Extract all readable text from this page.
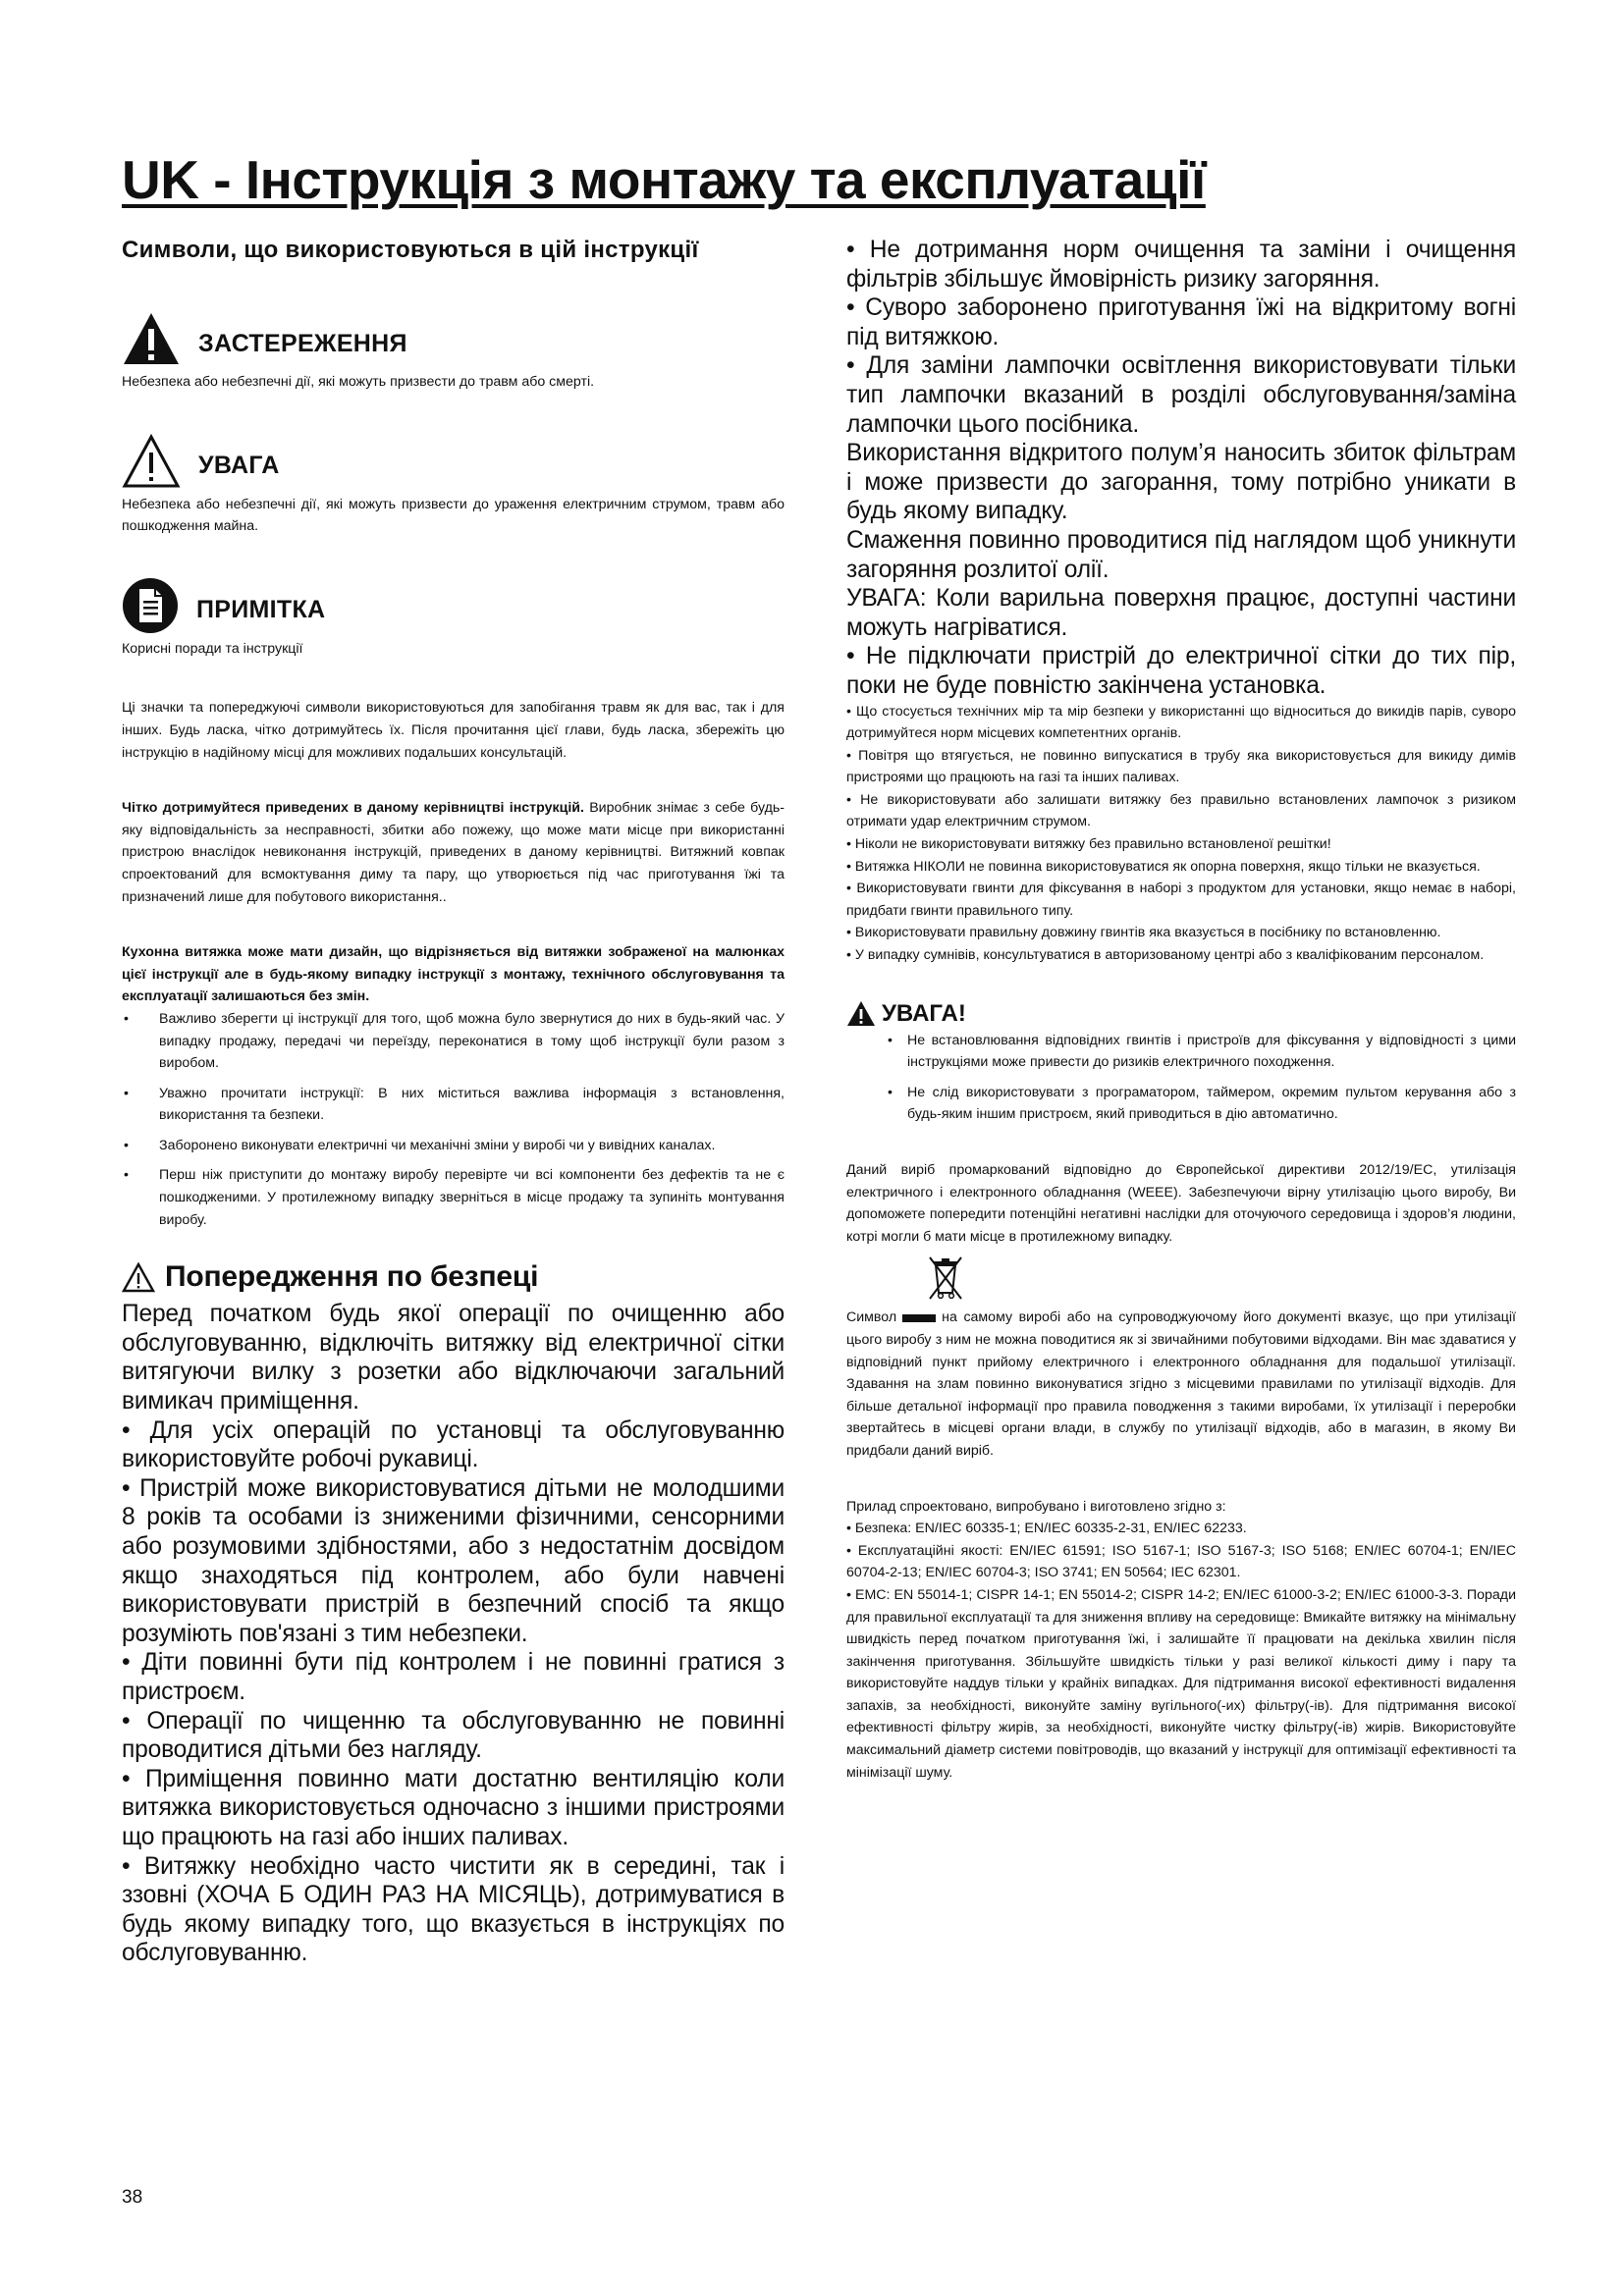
UK - Інструкція з монтажу та експлуатації
Символи, що використовуються в цій інструкції
ЗАСТЕРЕЖЕННЯ

Небезпека або небезпечні дії, які можуть призвести до травм або смерті.

УВАГА

Небезпека або небезпечні дії, які можуть призвести до ураження електричним струмом, травм або пошкодження майна.

ПРИМІТКА

Корисні поради та інструкції

Ці значки та попереджуючі символи використовуються для запобігання травм як для вас, так і для інших. Будь ласка, чітко дотримуйтесь їх. Після прочитання цієї глави, будь ласка, збережіть цю інструкцію в надійному місці для можливих подальших консультацій.

Чітко дотримуйтеся приведених в даному керівництві інструкцій. Виробник знімає з себе будь-яку відповідальність за несправності, збитки або пожежу, що може мати місце при використанні пристрою внаслідок невиконання інструкцій, приведених в даному керівництві. Витяжний ковпак спроектований для всмоктування диму та пару, що утворюється під час приготування їжі та призначений лише для побутового використання..

Кухонна витяжка може мати дизайн, що відрізняється від витяжки зображеної на малюнках цієї інструкції але в будь-якому випадку інструкції з монтажу, технічного обслуговування та експлуатації залишаються без змін.

• Важливо зберегти ці інструкції для того, щоб можна було звернутися до них в будь-який час. У випадку продажу, передачі чи переїзду, переконатися в тому щоб інструкції були разом з виробом.
• Уважно прочитати інструкції: В них міститься важлива інформація з встановлення, використання та безпеки.
• Заборонено виконувати електричні чи механічні зміни у виробі чи у вивідних каналах.
• Перш ніж приступити до монтажу виробу перевірте чи всі компоненти без дефектів та не є пошкодженими. У протилежному випадку зверніться в місце продажу та зупиніть монтування виробу.
Попередження по безпеці

Перед початком будь якої операції по очищенню або обслуговуванню, відключіть витяжку від електричної сітки витягуючи вилку з розетки або відключаючи загальний вимикач приміщення.

• Для усіх операцій по установці та обслуговуванню використовуйте робочі рукавиці.

• Пристрій може використовуватися дітьми не молодшими 8 років та особами із зниженими фізичними, сенсорними або розумовими здібностями, або з недостатнім досвідом якщо знаходяться під контролем, або були навчені використовувати пристрій в безпечний спосіб та якщо розуміють пов'язані з тим небезпеки.

• Діти повинні бути під контролем і не повинні гратися з пристроєм.

• Операції по чищенню та обслуговуванню не повинні проводитися дітьми без нагляду.

• Приміщення повинно мати достатню вентиляцію коли витяжка використовується одночасно з іншими пристроями що працюють на газі або інших паливах.

• Витяжку необхідно часто чистити як в середині, так і ззовні (ХОЧА Б ОДИН РАЗ НА МІСЯЦЬ), дотримуватися в будь якому випадку того, що вказується в інструкціях по обслуговуванню.

• Не дотримання норм очищення та заміни і очищення фільтрів збільшує ймовірність ризику загоряння.

• Суворо заборонено приготування їжі на відкритому вогні під витяжкою.

• Для заміни лампочки освітлення використовувати тільки тип лампочки вказаний в розділі обслуговування/заміна лампочки цього посібника.

Використання відкритого полум’я наносить збиток фільтрам і може призвести до загорання, тому потрібно уникати в будь якому випадку.

Смаження повинно проводитися під наглядом щоб уникнути загоряння розлитої олії.

УВАГА: Коли варильна поверхня працює, доступні частини можуть нагріватися.

• Не підключати пристрій до електричної сітки до тих пір, поки не буде повністю закінчена установка.

• Що стосується технічних мір та мір безпеки у використанні що відноситься до викидів парів, суворо дотримуйтеся норм місцевих компетентних органів.

• Повітря що втягується, не повинно випускатися в трубу яка використовується для викиду димів пристроями що працюють на газі та інших паливах.

• Не використовувати або залишати витяжку без правильно встановлених лампочок з ризиком отримати удар електричним струмом.

• Ніколи не використовувати витяжку без правильно встановленої решітки!

• Витяжка НІКОЛИ не повинна використовуватися як опорна поверхня, якщо тільки не вказується.

• Використовувати гвинти для фіксування в наборі з продуктом для установки, якщо немає в наборі, придбати гвинти правильного типу.

• Використовувати правильну довжину гвинтів яка вказується в посібнику по встановленню.

• У випадку сумнівів, консультуватися в авторизованому центрі або з кваліфікованим персоналом.

УВАГА!
• Не встановлювання відповідних гвинтів і пристроїв для фіксування у відповідності з цими інструкціями може привести до ризиків електричного походження.
• Не слід використовувати з програматором, таймером, окремим пультом керування або з будь-яким іншим пристроєм, який приводиться в дію автоматично.

Даний виріб промаркований відповідно до Європейської директиви 2012/19/ЕС, утилізація електричного і електронного обладнання (WEEE). Забезпечуючи вірну утилізацію цього виробу, Ви допоможете попередити потенційні негативні наслідки для оточуючого середовища і здоров’я людини, котрі могли б мати місце в протилежному випадку.

Символ	на самому виробі або на супроводжуючому його документі вказує, що при утилізації цього виробу з ним не можна поводитися як зі звичайними побутовими відходами. Він має здаватися у відповідний пункт прийому електричного і електронного обладнання для подальшої утилізації. Здавання на злам повинно виконуватися згідно з місцевими правилами по утилізації відходів. Для більше детальної інформації про правила поводження з такими виробами, їх утилізації і переробки звертайтесь в місцеві органи влади, в службу по утилізації відходів, або в магазин, в якому Ви придбали даний виріб.

Прилад спроектовано, випробувано і виготовлено згідно з:

• Безпека: EN/IEC 60335-1; EN/IEC 60335-2-31, EN/IEC 62233.

• Експлуатаційні якості: EN/IEC 61591; ISO 5167-1; ISO 5167-3; ISO 5168; EN/IEC 60704-1; EN/IEC 60704-2-13; EN/IEC 60704-3; ISO 3741; EN 50564; IEC 62301.

• EMC: EN 55014-1; CISPR 14-1; EN 55014-2; CISPR 14-2; EN/IEC 61000-3-2; EN/IEC 61000-3-3. Поради для правильної експлуатації та для зниження впливу на середовище: Вмикайте витяжку на мінімальну швидкість перед початком приготування їжі, і залишайте її працювати на декілька хвилин після закінчення приготування. Збільшуйте швидкість тільки у разі великої кількості диму і пару та використовуйте наддув тільки у крайніх випадках. Для підтримання високої ефективності видалення запахів, за необхідності, виконуйте заміну вугільного(-их) фільтру(-ів). Для підтримання високої ефективності фільтру жирів, за необхідності, виконуйте чистку фільтру(-ів) жирів. Використовуйте максимальний діаметр системи повітроводів, що вказаний у інструкції для оптимізації ефективності та мінімізації шуму.

38
